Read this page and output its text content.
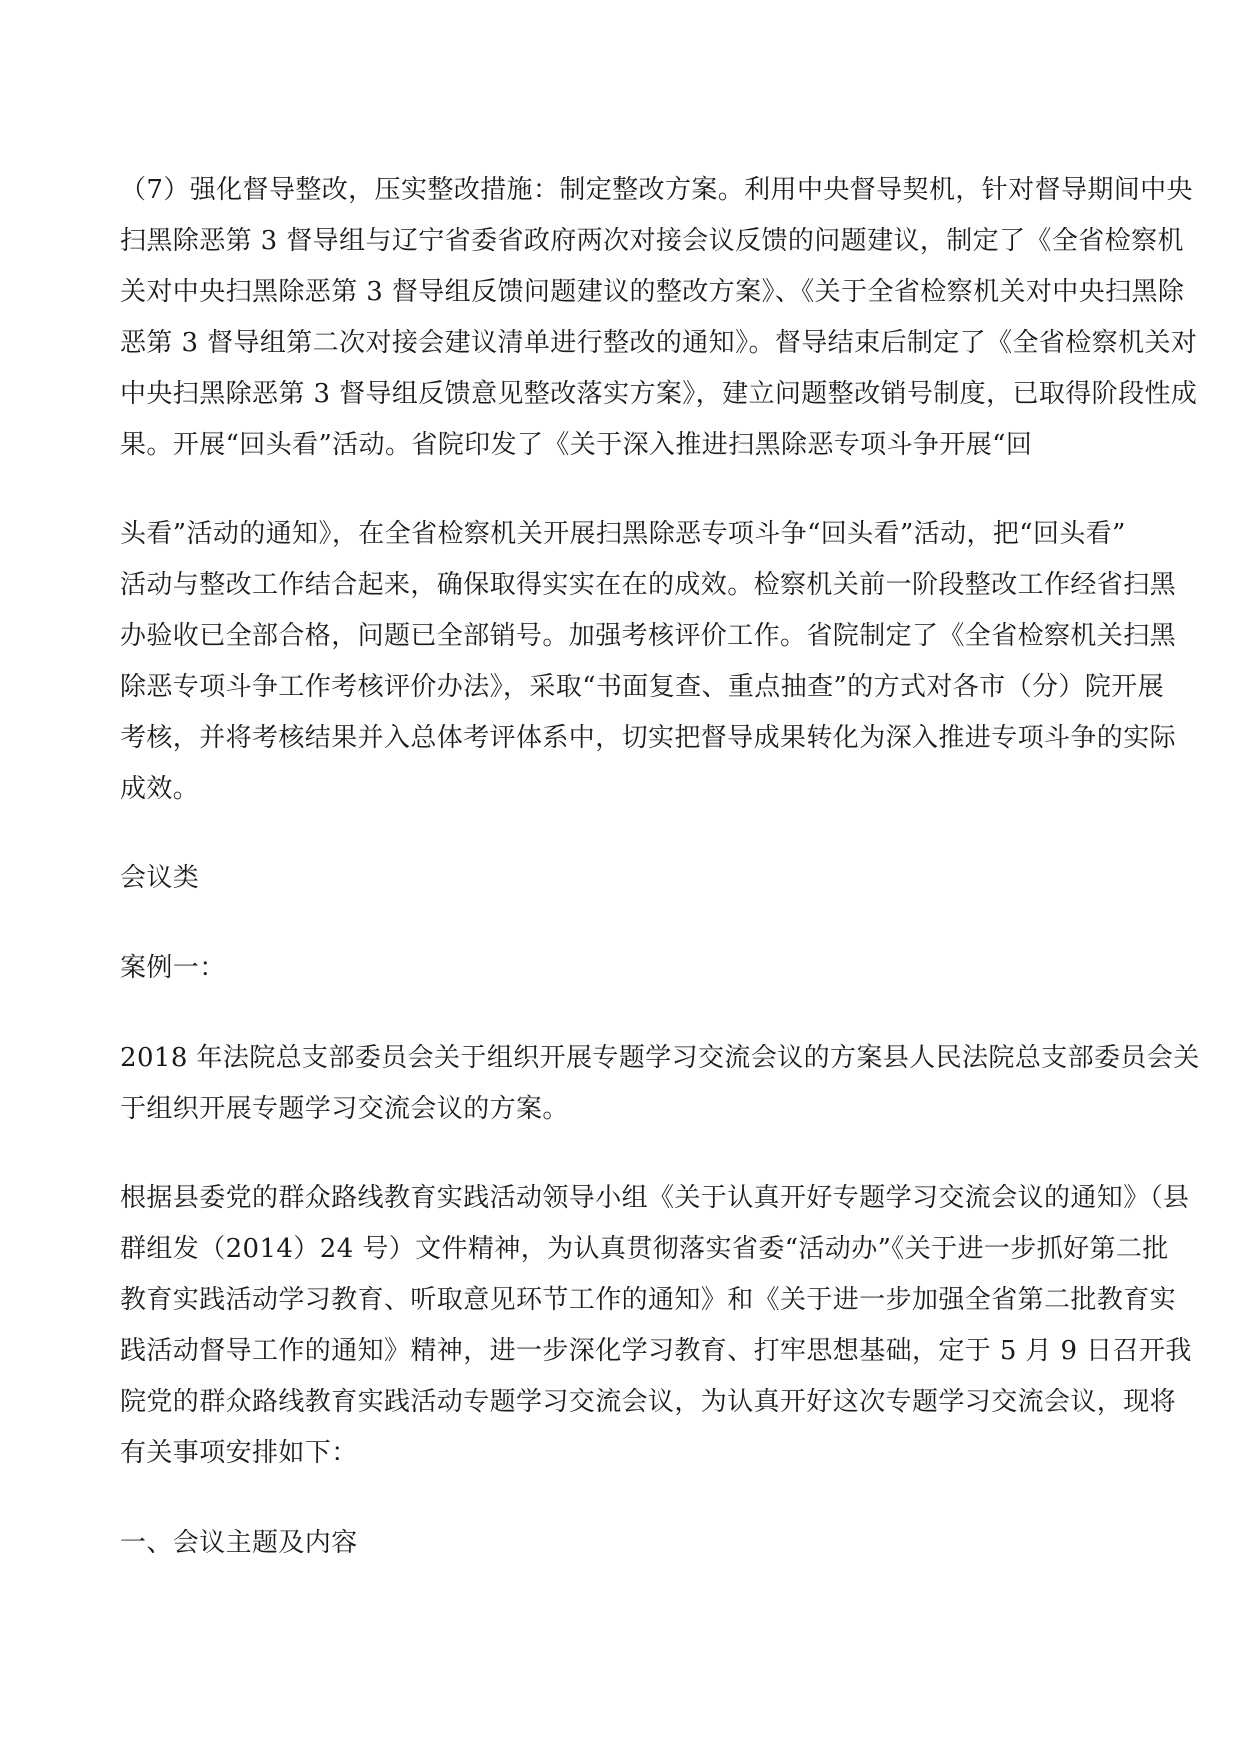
（7）强化督导整改，压实整改措施：制定整改方案。利用中央督导契机，针对督导期间中央

扫黑除恶第 3 督导组与辽宁省委省政府两次对接会议反馈的问题建议，制定了《全省检察机

关对中央扫黑除恶第 3 督导组反馈问题建议的整改方案》、《关于全省检察机关对中央扫黑除

恶第 3 督导组第二次对接会建议清单进行整改的通知》。督导结束后制定了《全省检察机关对

中央扫黑除恶第 3 督导组反馈意见整改落实方案》，建立问题整改销号制度，已取得阶段性成

果。开展“回头看”活动。省院印发了《关于深入推进扫黑除恶专项斗争开展“回

头看”活动的通知》，在全省检察机关开展扫黑除恶专项斗争“回头看”活动，把“回头看”

活动与整改工作结合起来，确保取得实实在在的成效。检察机关前一阶段整改工作经省扫黑

办验收已全部合格，问题已全部销号。加强考核评价工作。省院制定了《全省检察机关扫黑

除恶专项斗争工作考核评价办法》，采取“书面复查、重点抽查”的方式对各市（分）院开展

考核，并将考核结果并入总体考评体系中，切实把督导成果转化为深入推进专项斗争的实际

成效。

会议类

案例一：

2018 年法院总支部委员会关于组织开展专题学习交流会议的方案县人民法院总支部委员会关

于组织开展专题学习交流会议的方案。

根据县委党的群众路线教育实践活动领导小组《关于认真开好专题学习交流会议的通知》（县

群组发（2014）24 号）文件精神，为认真贯彻落实省委“活动办”《关于进一步抓好第二批

教育实践活动学习教育、听取意见环节工作的通知》和《关于进一步加强全省第二批教育实

践活动督导工作的通知》精神，进一步深化学习教育、打牢思想基础，定于 5 月 9 日召开我

院党的群众路线教育实践活动专题学习交流会议，为认真开好这次专题学习交流会议，现将

有关事项安排如下：

一、会议主题及内容
